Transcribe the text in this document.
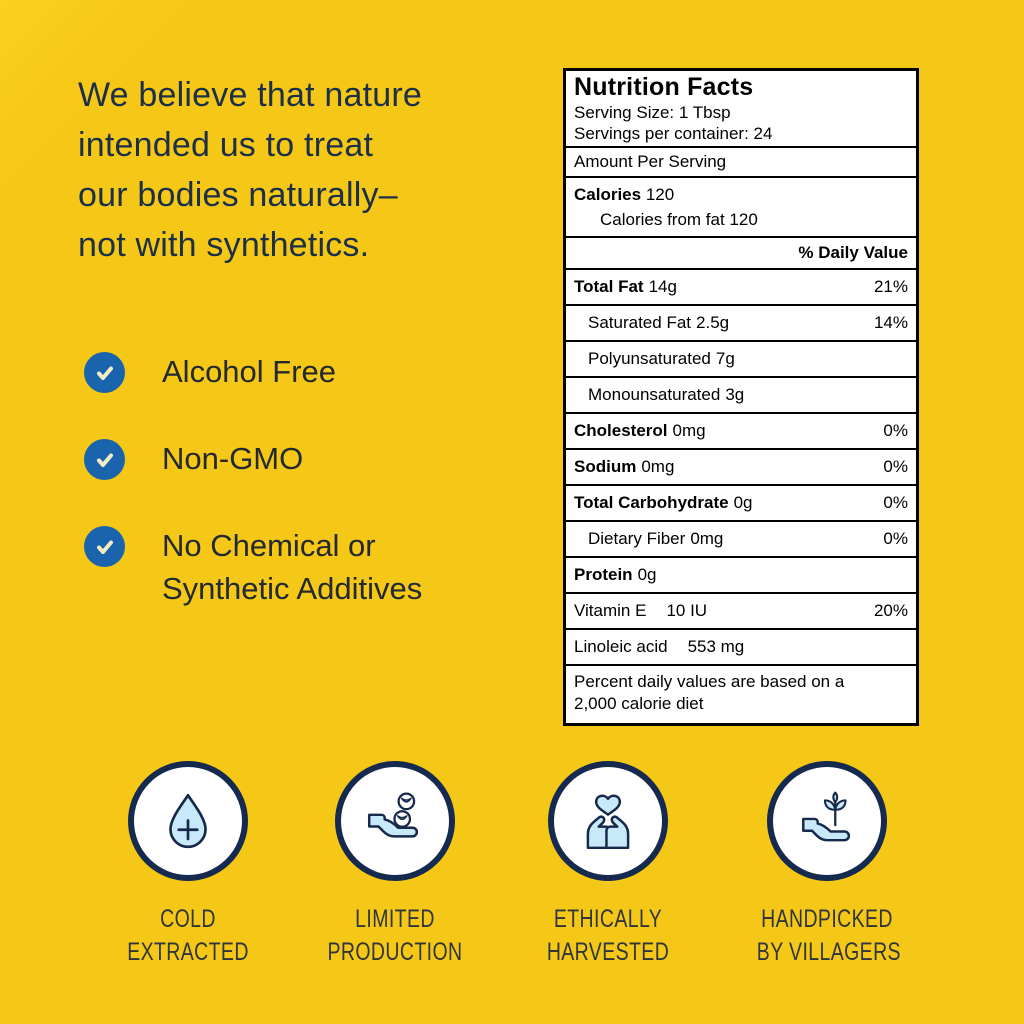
We believe that nature
intended us to treat
our bodies naturally–
not with synthetics.
Alcohol Free
Non-GMO
No Chemical or
Synthetic Additives
Nutrition Facts
Serving Size: 1 Tbsp
Servings per container: 24
Amount Per Serving
Calories 120
Calories from fat 120
% Daily Value
Total Fat 14g	21%
Saturated Fat 2.5g	14%
Polyunsaturated 7g
Monounsaturated 3g
Cholesterol 0mg	0%
Sodium 0mg	0%
Total Carbohydrate 0g	0%
Dietary Fiber 0mg	0%
Protein 0g
Vitamin E 10 IU	20%
Linoleic acid 553 mg
Percent daily values are based on a
2,000 calorie diet
COLD
EXTRACTED
LIMITED
PRODUCTION
ETHICALLY
HARVESTED
HANDPICKED
BY VILLAGERS
